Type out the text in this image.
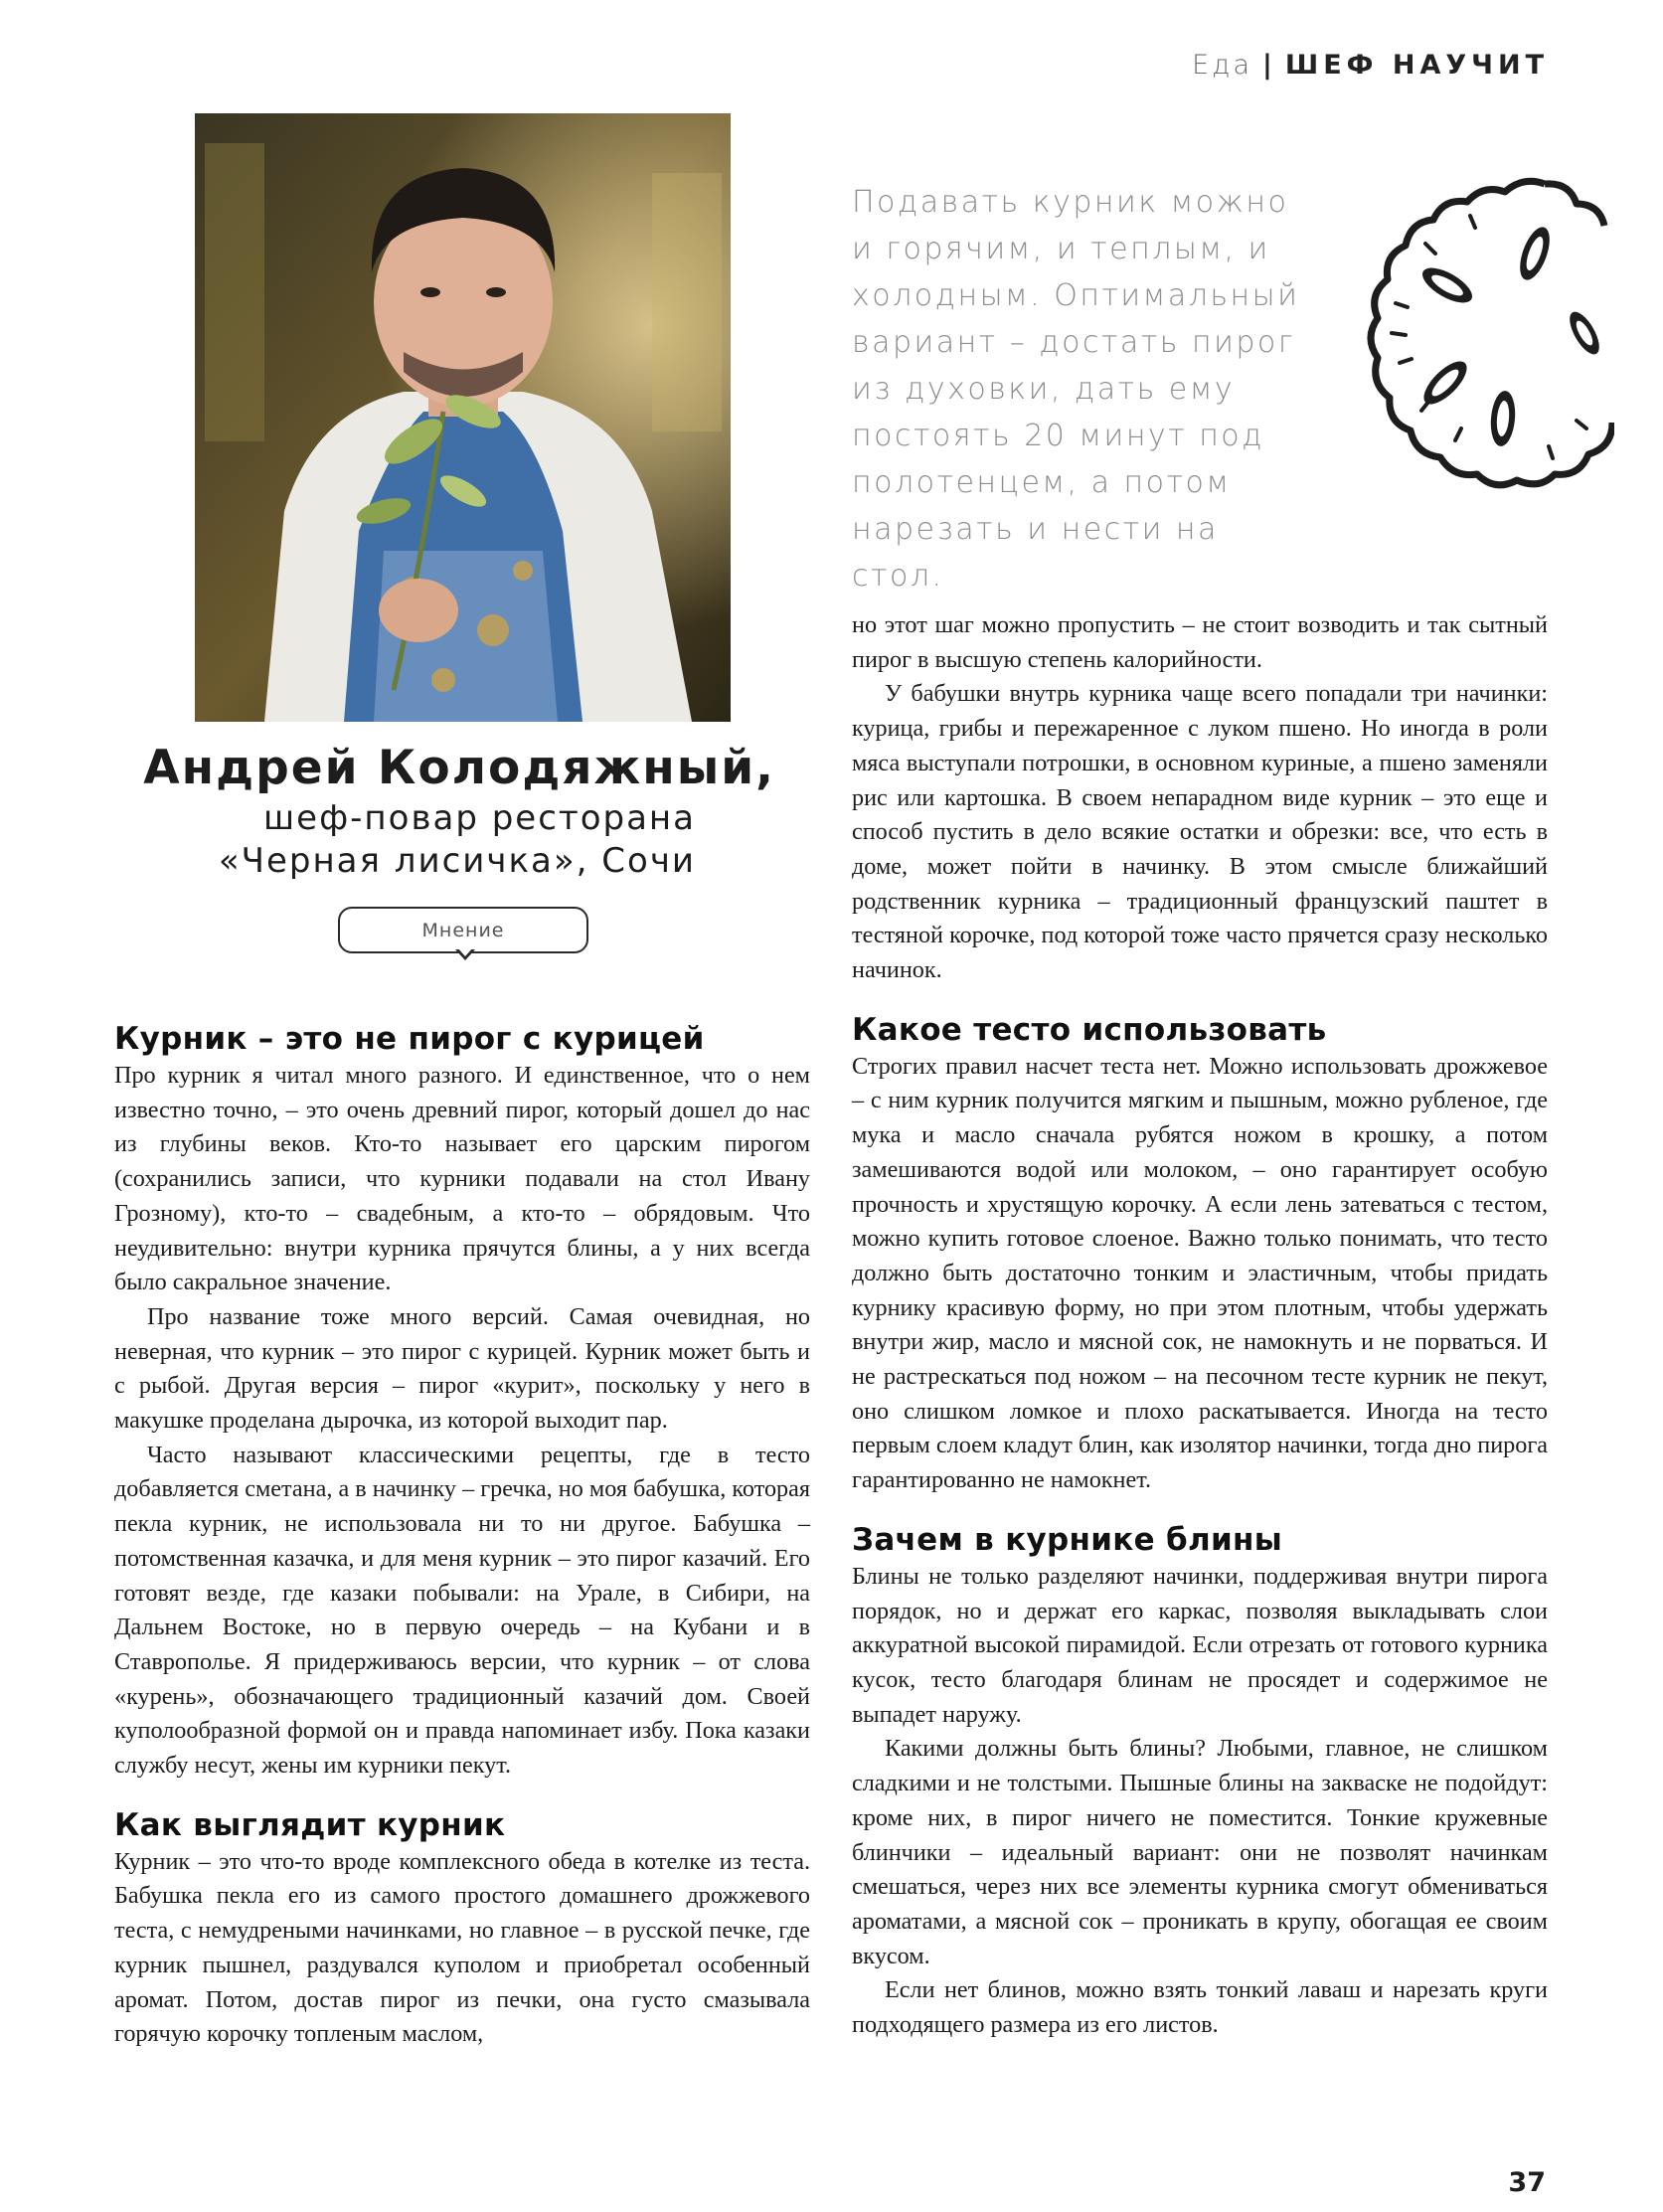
Еда | ШЕФ НАУЧИТ
Андрей Колодяжный,

шеф-повар ресторана
«Черная лисичка», Сочи

Мнение

Подавать курник можно и горячим, и теплым, и холодным. Оптимальный вариант – достать пирог из духовки, дать ему постоять 20 минут под полотенцем, а потом нарезать и нести на стол.

Курник – это не пирог с курицей

Про курник я читал много разного. И единственное, что о нем известно точно, – это очень древний пирог, который дошел до нас из глубины веков. Кто-то называет его царским пирогом (сохранились записи, что курники подавали на стол Ивану Грозному), кто-то – свадебным, а кто-то – обрядовым. Что неудивительно: внутри курника прячутся блины, а у них всегда было сакральное значение.

Про название тоже много версий. Самая очевидная, но неверная, что курник – это пирог с курицей. Курник может быть и с рыбой. Другая версия – пирог «курит», поскольку у него в макушке проделана дырочка, из которой выходит пар.

Часто называют классическими рецепты, где в тесто добавляется сметана, а в начинку – гречка, но моя бабушка, которая пекла курник, не использовала ни то ни другое. Бабушка – потомственная казачка, и для меня курник – это пирог казачий. Его готовят везде, где казаки побывали: на Урале, в Сибири, на Дальнем Востоке, но в первую очередь – на Кубани и в Ставрополье. Я придерживаюсь версии, что курник – от слова «курень», обозначающего традиционный казачий дом. Своей куполообразной формой он и правда напоминает избу. Пока казаки службу несут, жены им курники пекут.

Как выглядит курник

Курник – это что-то вроде комплексного обеда в котелке из теста. Бабушка пекла его из самого простого домашнего дрожжевого теста, с немудреными начинками, но главное – в русской печке, где курник пышнел, раздувался куполом и приобретал особенный аромат. Потом, достав пирог из печки, она густо смазывала горячую корочку топленым маслом,

но этот шаг можно пропустить – не стоит возводить и так сытный пирог в высшую степень калорийности.

У бабушки внутрь курника чаще всего попадали три начинки: курица, грибы и пережаренное с луком пшено. Но иногда в роли мяса выступали потрошки, в основном куриные, а пшено заменяли рис или картошка. В своем непарадном виде курник – это еще и способ пустить в дело всякие остатки и обрезки: все, что есть в доме, может пойти в начинку. В этом смысле ближайший родственник курника – традиционный французский паштет в тестяной корочке, под которой тоже часто прячется сразу несколько начинок.

Какое тесто использовать

Строгих правил насчет теста нет. Можно использовать дрожжевое – с ним курник получится мягким и пышным, можно рубленое, где мука и масло сначала рубятся ножом в крошку, а потом замешиваются водой или молоком, – оно гарантирует особую прочность и хрустящую корочку. А если лень затеваться с тестом, можно купить готовое слоеное. Важно только понимать, что тесто должно быть достаточно тонким и эластичным, чтобы придать курнику красивую форму, но при этом плотным, чтобы удержать внутри жир, масло и мясной сок, не намокнуть и не порваться. И не растрескаться под ножом – на песочном тесте курник не пекут, оно слишком ломкое и плохо раскатывается. Иногда на тесто первым слоем кладут блин, как изолятор начинки, тогда дно пирога гарантированно не намокнет.

Зачем в курнике блины

Блины не только разделяют начинки, поддерживая внутри пирога порядок, но и держат его каркас, позволяя выкладывать слои аккуратной высокой пирамидой. Если отрезать от готового курника кусок, тесто благодаря блинам не просядет и содержимое не выпадет наружу.

Какими должны быть блины? Любыми, главное, не слишком сладкими и не толстыми. Пышные блины на закваске не подойдут: кроме них, в пирог ничего не поместится. Тонкие кружевные блинчики – идеальный вариант: они не позволят начинкам смешаться, через них все элементы курника смогут обмениваться ароматами, а мясной сок – проникать в крупу, обогащая ее своим вкусом.

Если нет блинов, можно взять тонкий лаваш и нарезать круги подходящего размера из его листов.

37
